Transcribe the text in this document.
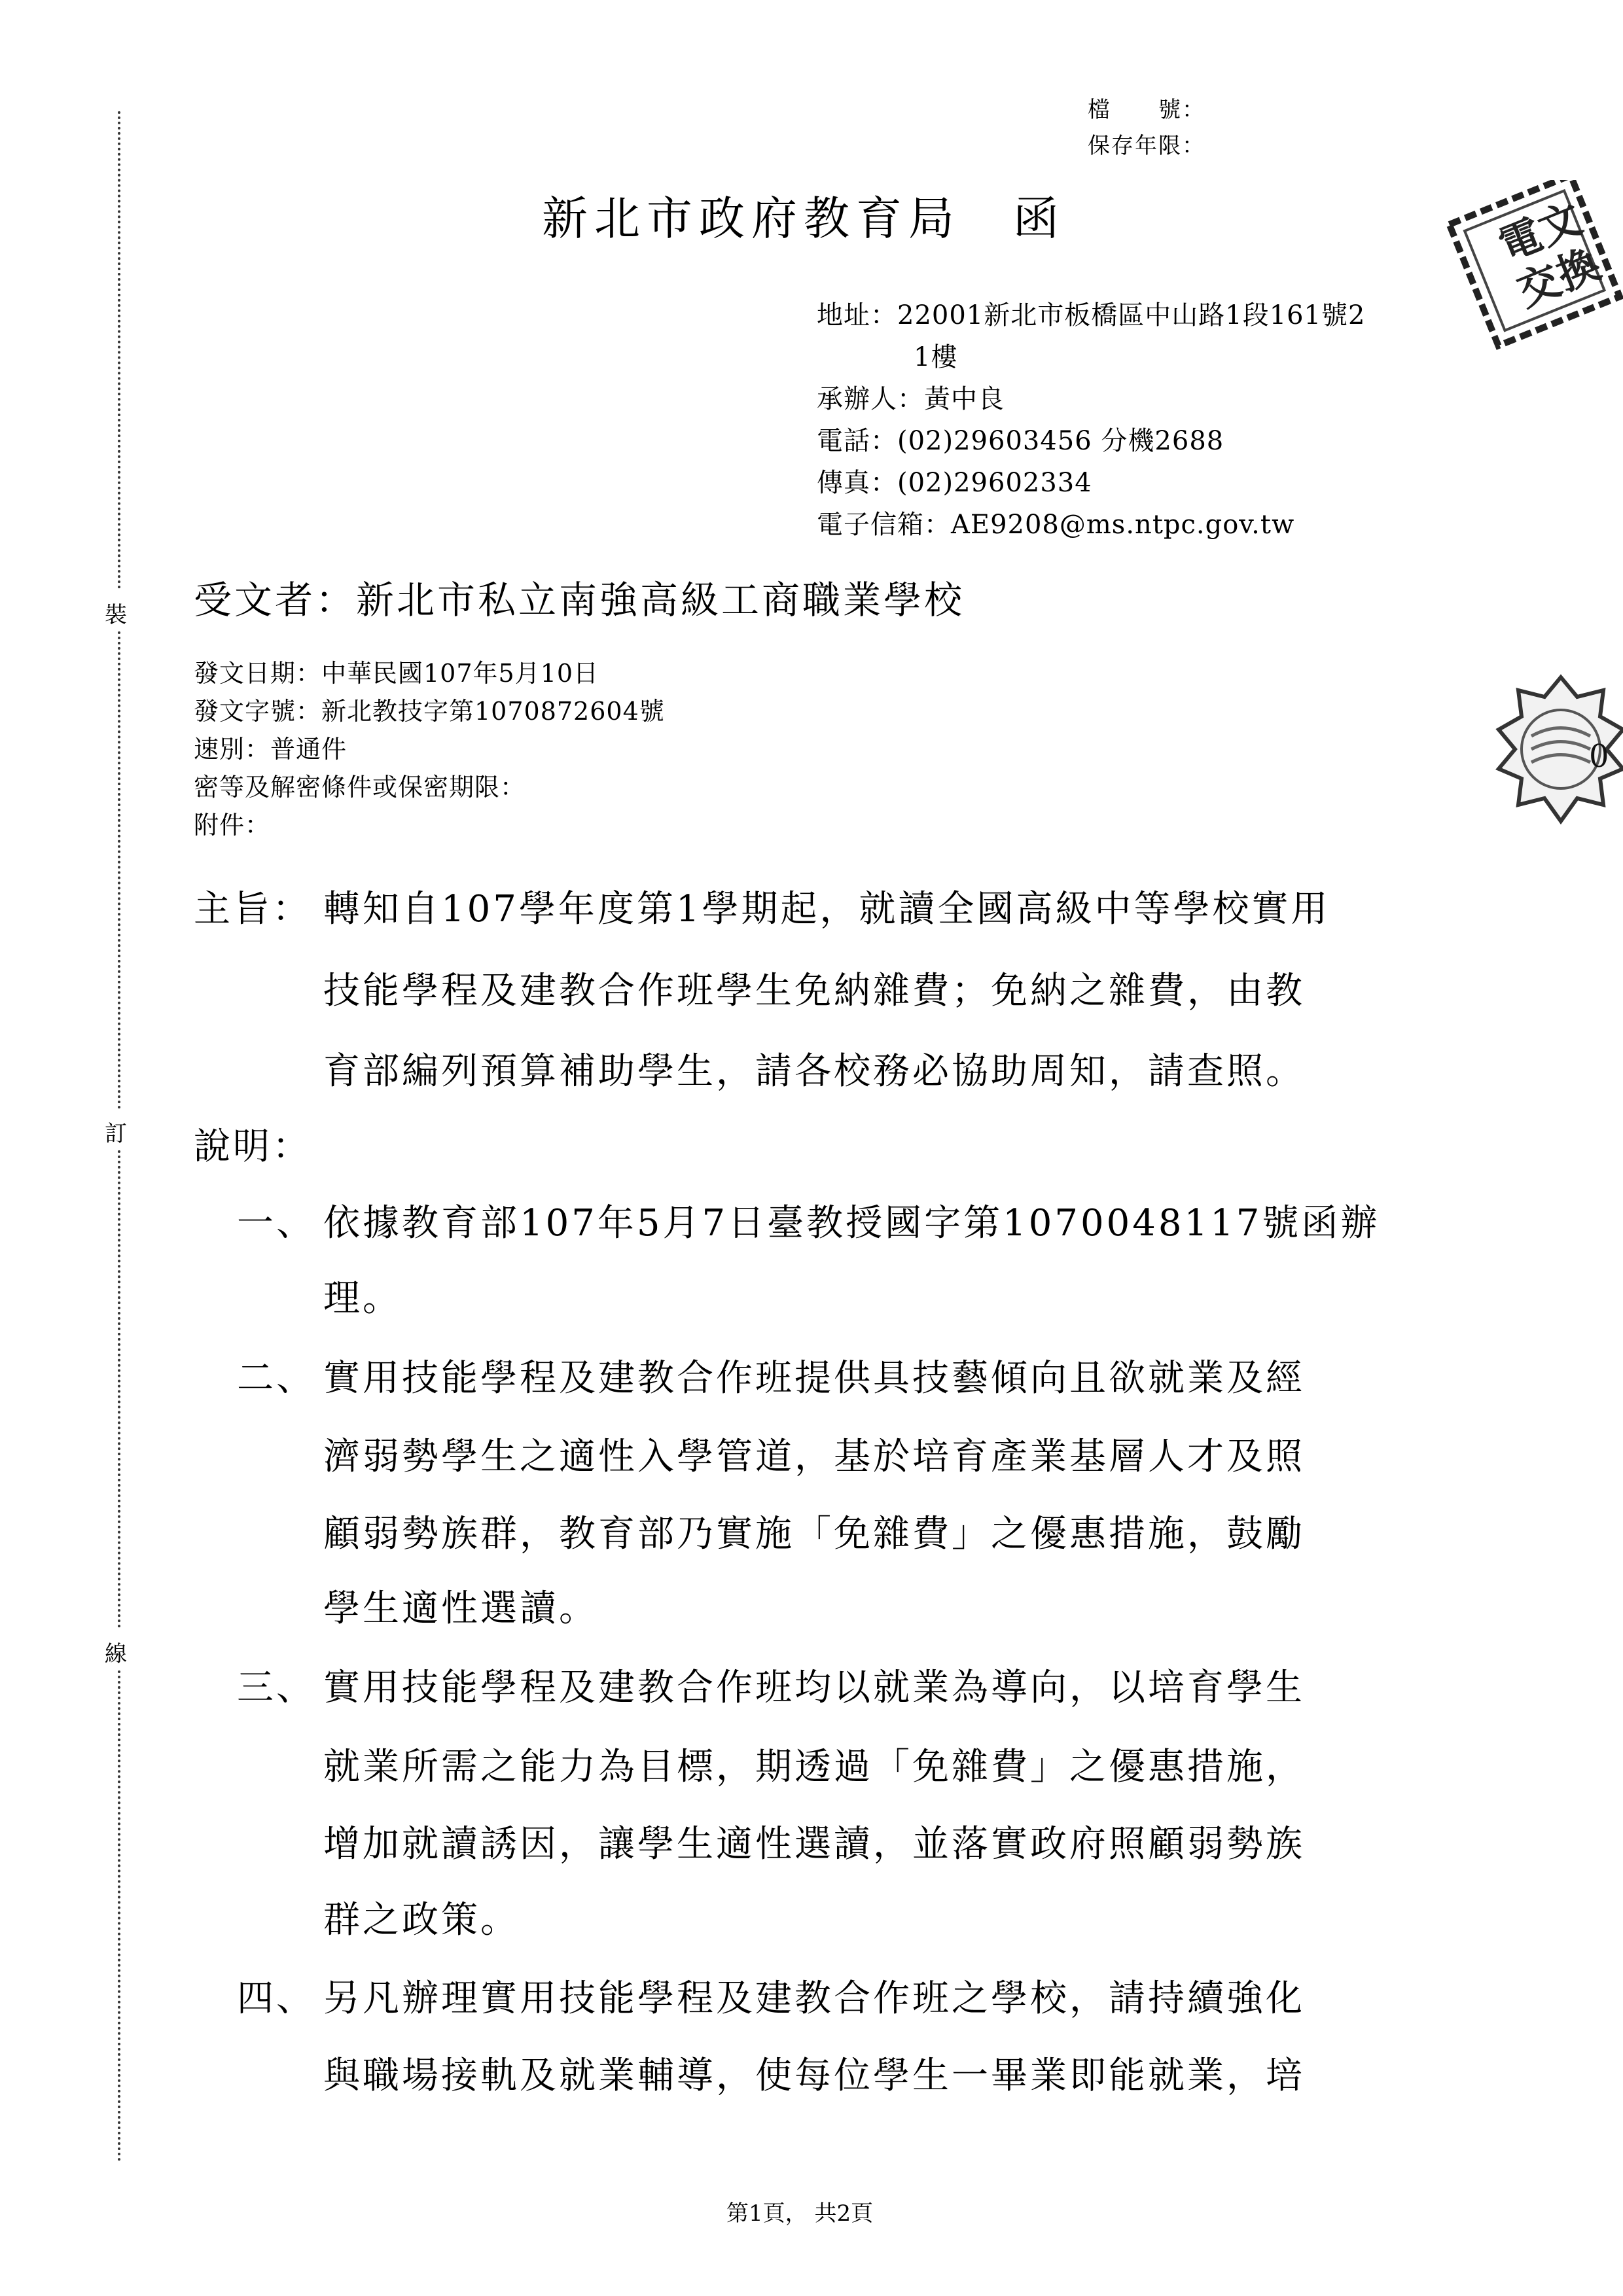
裝
訂
線
檔　　號：
保存年限：
新北市政府教育局　函	電
文
交
換
地址：22001新北市板橋區中山路1段161號2
1樓
承辦人：黃中良
電話：(02)29603456 分機2688
傳真：(02)29602334
電子信箱：AE9208@ms.ntpc.gov.tw
受文者：新北市私立南強高級工商職業學校
發文日期：中華民國107年5月10日
發文字號：新北教技字第1070872604號
速別：普通件
密等及解密條件或保密期限：
附件：
0
主旨： 轉知自107學年度第1學期起，就讀全國高級中等學校實用
技能學程及建教合作班學生免納雜費；免納之雜費，由教
育部編列預算補助學生，請各校務必協助周知，請查照。
說明：
一、 依據教育部107年5月7日臺教授國字第1070048117號函辦
理。
二、 實用技能學程及建教合作班提供具技藝傾向且欲就業及經
濟弱勢學生之適性入學管道，基於培育產業基層人才及照
顧弱勢族群，教育部乃實施「免雜費」之優惠措施，鼓勵
學生適性選讀。
三、 實用技能學程及建教合作班均以就業為導向，以培育學生
就業所需之能力為目標，期透過「免雜費」之優惠措施，
增加就讀誘因，讓學生適性選讀，並落實政府照顧弱勢族
群之政策。
四、 另凡辦理實用技能學程及建教合作班之學校，請持續強化
與職場接軌及就業輔導，使每位學生一畢業即能就業，培
第1頁， 共2頁
